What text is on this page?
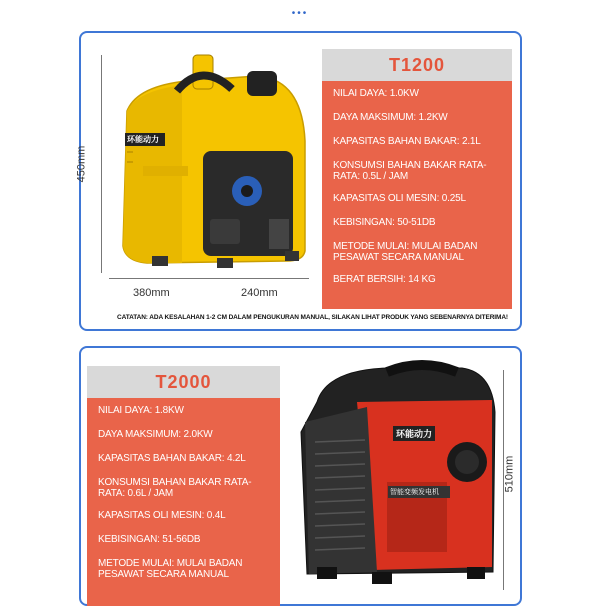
•••
环能动力
450mm
380mm	240mm
T1200
NILAI DAYA: 1.0KW
DAYA MAKSIMUM: 1.2KW
KAPASITAS BAHAN BAKAR: 2.1L
KONSUMSI BAHAN BAKAR RATA-RATA: 0.5L / JAM
KAPASITAS OLI MESIN: 0.25L
KEBISINGAN: 50-51DB
METODE MULAI: MULAI BADAN PESAWAT SECARA MANUAL
BERAT BERSIH: 14 KG
CATATAN: ADA KESALAHAN 1-2 CM DALAM PENGUKURAN MANUAL, SILAKAN LIHAT PRODUK YANG SEBENARNYA DITERIMA!
T2000
NILAI DAYA: 1.8KW
DAYA MAKSIMUM: 2.0KW
KAPASITAS BAHAN BAKAR: 4.2L
KONSUMSI BAHAN BAKAR RATA-RATA: 0.6L / JAM
KAPASITAS OLI MESIN: 0.4L
KEBISINGAN: 51-56DB
METODE MULAI: MULAI BADAN PESAWAT SECARA MANUAL
环能动力
智能变频发电机
510mm
